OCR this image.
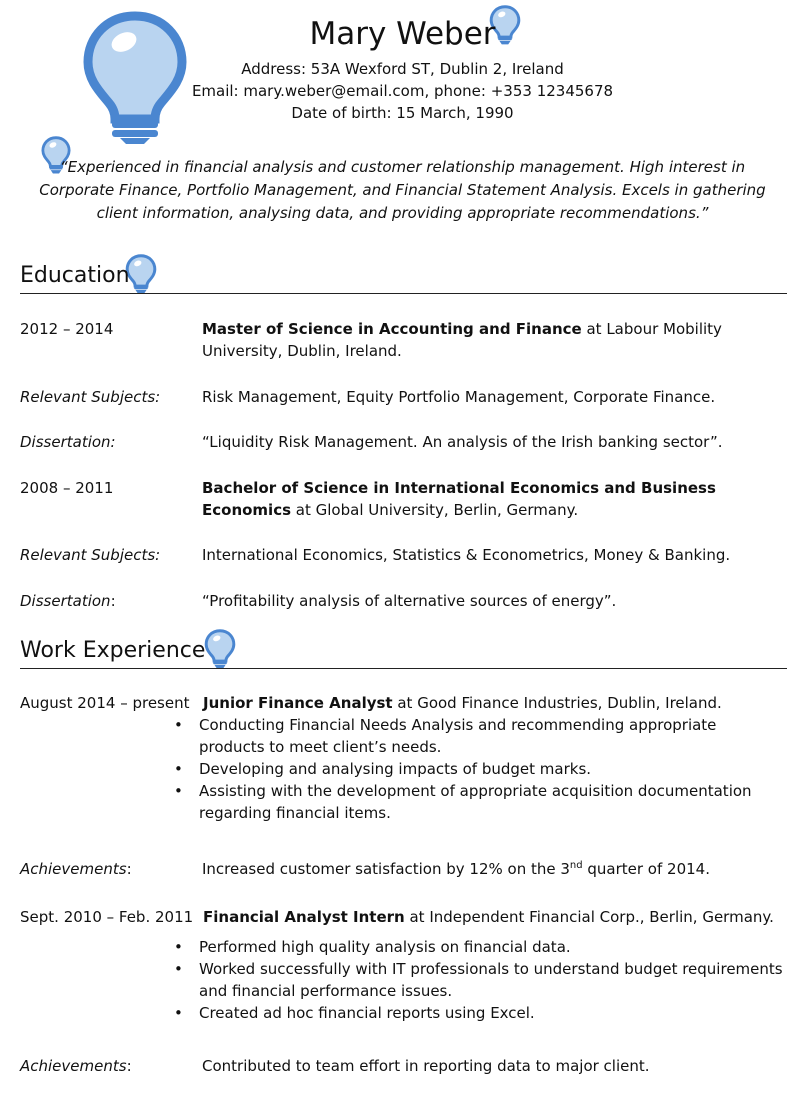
Mary Weber
Address: 53A Wexford ST, Dublin 2, Ireland
Email: mary.weber@email.com, phone: +353 12345678
Date of birth: 15 March, 1990
“Experienced in financial analysis and customer relationship management. High interest in Corporate Finance, Portfolio Management, and Financial Statement Analysis. Excels in gathering client information, analysing data, and providing appropriate recommendations.”
Education
2012 – 2014	Master of Science in Accounting and Finance at Labour Mobility University, Dublin, Ireland.
Relevant Subjects:	Risk Management, Equity Portfolio Management, Corporate Finance.
Dissertation:	“Liquidity Risk Management. An analysis of the Irish banking sector”.
2008 – 2011	Bachelor of Science in International Economics and Business Economics at Global University, Berlin, Germany.
Relevant Subjects:	International Economics, Statistics & Econometrics, Money & Banking.
Dissertation:	“Profitability analysis of alternative sources of energy”.
Work Experience
August 2014 – present Junior Finance Analyst at Good Finance Industries, Dublin, Ireland.
• Conducting Financial Needs Analysis and recommending appropriate products to meet client’s needs.
• Developing and analysing impacts of budget marks.
• Assisting with the development of appropriate acquisition documentation regarding financial items.
Achievements:	Increased customer satisfaction by 12% on the 3nd quarter of 2014.
Sept. 2010 – Feb. 2011 Financial Analyst Intern at Independent Financial Corp., Berlin, Germany.
• Performed high quality analysis on financial data.
• Worked successfully with IT professionals to understand budget requirements and financial performance issues.
• Created ad hoc financial reports using Excel.
Achievements:	Contributed to team effort in reporting data to major client.
